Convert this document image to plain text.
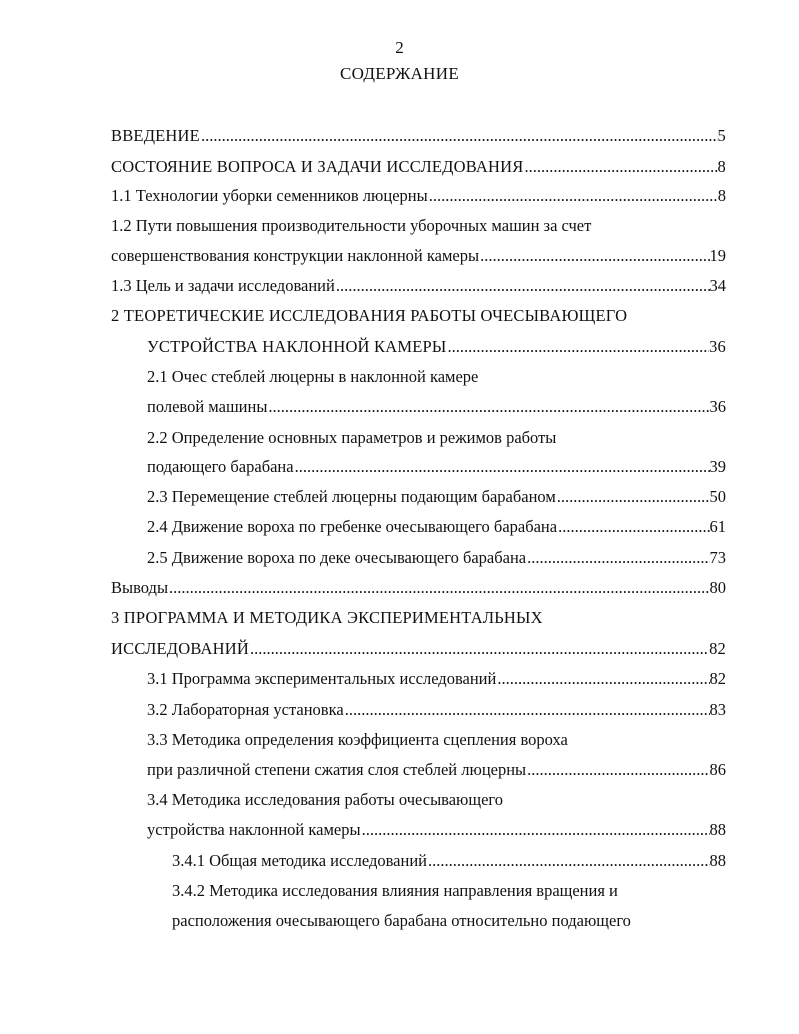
2
СОДЕРЖАНИЕ
ВВЕДЕНИЕ .....	5
СОСТОЯНИЕ ВОПРОСА И ЗАДАЧИ ИССЛЕДОВАНИЯ .....	8
1.1 Технологии уборки семенников люцерны .....	8
1.2 Пути повышения производительности уборочных машин за счет
совершенствования конструкции наклонной камеры .....	19
1.3 Цель и задачи исследований .....	34
2 ТЕОРЕТИЧЕСКИЕ ИССЛЕДОВАНИЯ РАБОТЫ ОЧЕСЫВАЮЩЕГО
УСТРОЙСТВА НАКЛОННОЙ КАМЕРЫ .....	36
2.1 Очес стеблей люцерны в наклонной камере
полевой машины .....	36
2.2 Определение основных параметров и режимов работы
подающего барабана .....	39
2.3 Перемещение стеблей люцерны подающим барабаном .....	50
2.4 Движение вороха по гребенке очесывающего барабана .....	61
2.5 Движение вороха по деке очесывающего барабана .....	73
Выводы .....	80
3 ПРОГРАММА И МЕТОДИКА ЭКСПЕРИМЕНТАЛЬНЫХ
ИССЛЕДОВАНИЙ .....	82
3.1 Программа экспериментальных исследований .....	82
3.2 Лабораторная установка .....	83
3.3 Методика определения коэффициента сцепления вороха
при различной степени сжатия слоя стеблей люцерны .....	86
3.4 Методика исследования работы очесывающего
устройства наклонной камеры .....	88
3.4.1 Общая методика исследований .....	88
3.4.2 Методика исследования влияния направления вращения и
расположения очесывающего барабана относительно подающего
